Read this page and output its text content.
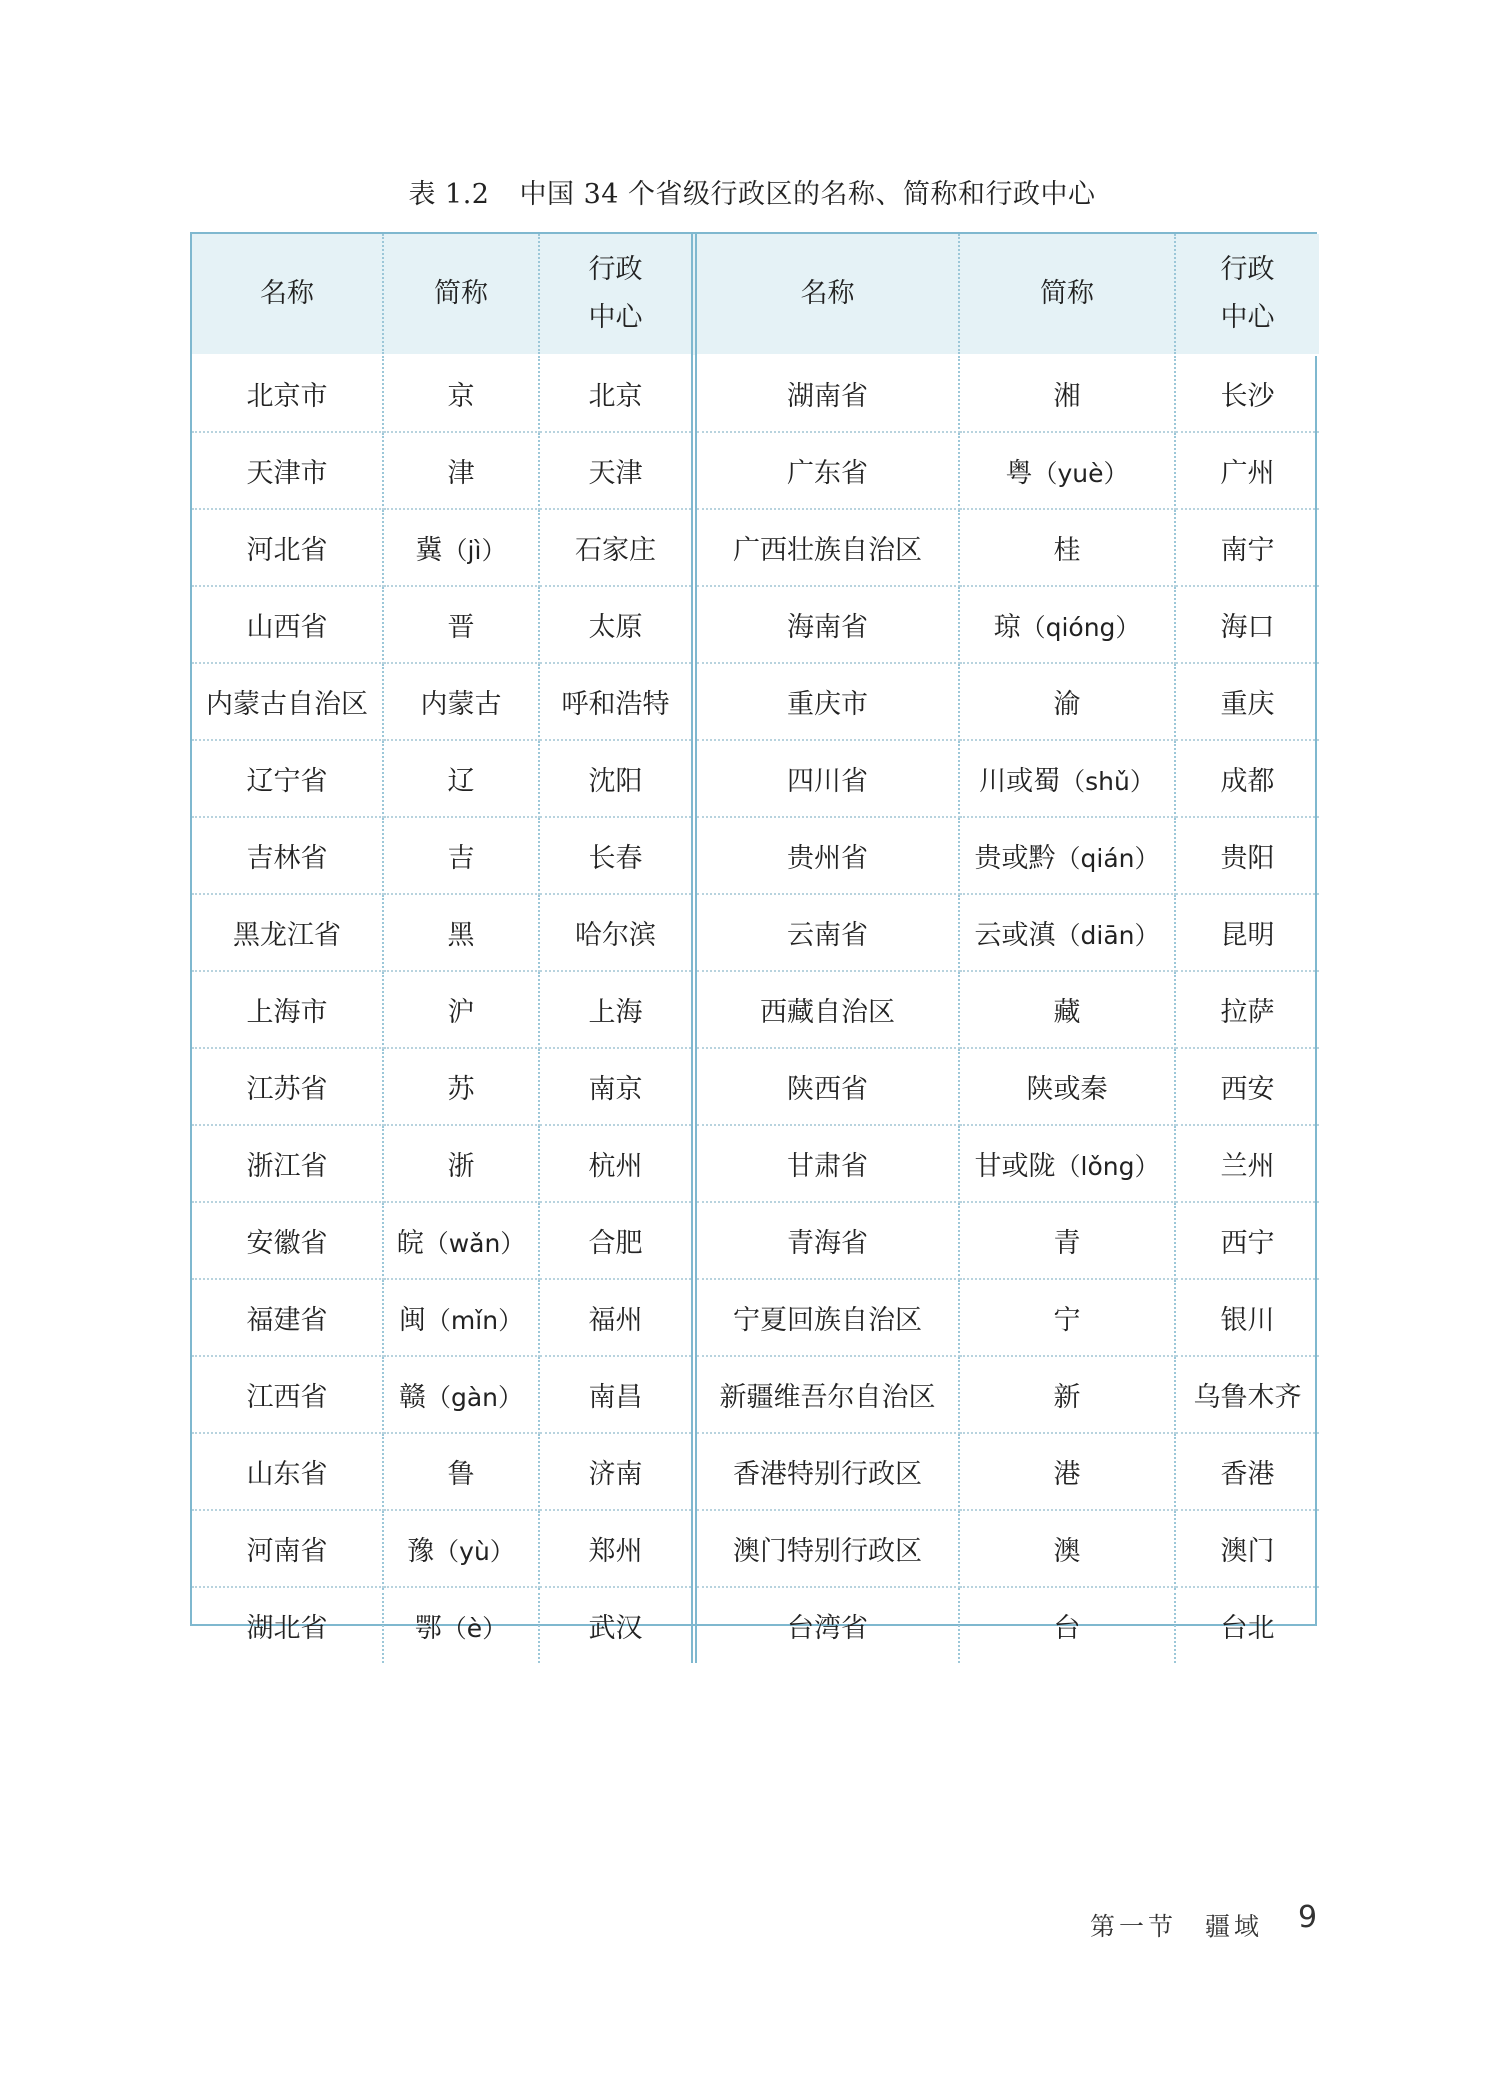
表 1.2 中国 34 个省级行政区的名称、简称和行政中心
名称	简称	行政中心	名称	简称	行政中心

北京市	京	北京	湖南省	湘	长沙
天津市	津	天津	广东省	粤（yuè）	广州
河北省	冀（jì）	石家庄	广西壮族自治区	桂	南宁
山西省	晋	太原	海南省	琼（qióng）	海口
内蒙古自治区	内蒙古	呼和浩特	重庆市	渝	重庆
辽宁省	辽	沈阳	四川省	川或蜀（shǔ）	成都
吉林省	吉	长春	贵州省	贵或黔（qián）	贵阳
黑龙江省	黑	哈尔滨	云南省	云或滇（diān）	昆明
上海市	沪	上海	西藏自治区	藏	拉萨
江苏省	苏	南京	陕西省	陕或秦	西安
浙江省	浙	杭州	甘肃省	甘或陇（lǒng）	兰州
安徽省	皖（wǎn）	合肥	青海省	青	西宁
福建省	闽（mǐn）	福州	宁夏回族自治区	宁	银川
江西省	赣（gàn）	南昌	新疆维吾尔自治区	新	乌鲁木齐
山东省	鲁	济南	香港特别行政区	港	香港
河南省	豫（yù）	郑州	澳门特别行政区	澳	澳门
湖北省	鄂（è）	武汉	台湾省	台	台北
第一节 疆域 9
